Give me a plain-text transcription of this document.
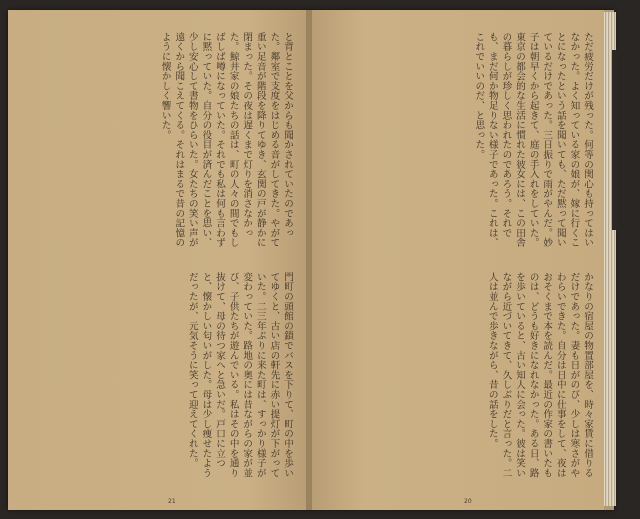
と背とことを父からも聞かされていたのであった。鄰室で支度をはじめる音がしてきた。やがて重い足音が階段を降りてゆき、玄関の戸が静かに閉まった。その夜は遅くまで灯りを消さなかった。鯨井家の娘たちの話は、町の人々の間でもしばしば噂になっていた。それでも私は何も言わずに黙っていた。自分の役目が済んだことを思い、少し安心して書物をひらいた。女たちの笑い声が遠くから聞こえてくる。それはまるで昔の記憶のように懐かしく響いた。
門町の頭館の鎖でバスを下りて、町の中を歩いてゆくと、古い店の軒先に赤い提灯が下がっていた。二三年ぶりに来た町は、すっかり様子が変わっていた。路地の奥には昔ながらの家が並び、子供たちが遊んでいる。私はその中を通り抜けて、母の待つ家へと急いだ。戸口に立つと、懐かしい匂いがした。母は少し痩せたようだったが、元気そうに笑って迎えてくれた。
21
ただ疲労だけが残った。何等の関心も持ってはいなかった。よく知っている家の娘が、嫁に行くことになったという話を聞いても、ただ黙って聞いているだけであった。三日振りで雨がやんだ。妙子は朝早くから起きて、庭の手入れをしていた。東京の都会的な生活に慣れた彼女には、この田舎の暮らしが珍しく思われたのであろう。それでも、まだ何か物足りない様子であった。これは、これでいいのだ、と思った。
かなりの宿屋の物置部屋を、時々家賃に借りるだけであった。妻も日がのび、少しは寒さがやわらいできた。自分は日中に仕事をして、夜はおそくまで本を読んだ。最近の作家の書いたものは、どうも好きになれなかった。ある日、路を歩いていると、古い知人に会った。彼は笑いながら近づいてきて、久しぶりだと言った。二人は並んで歩きながら、昔の話をした。
20
